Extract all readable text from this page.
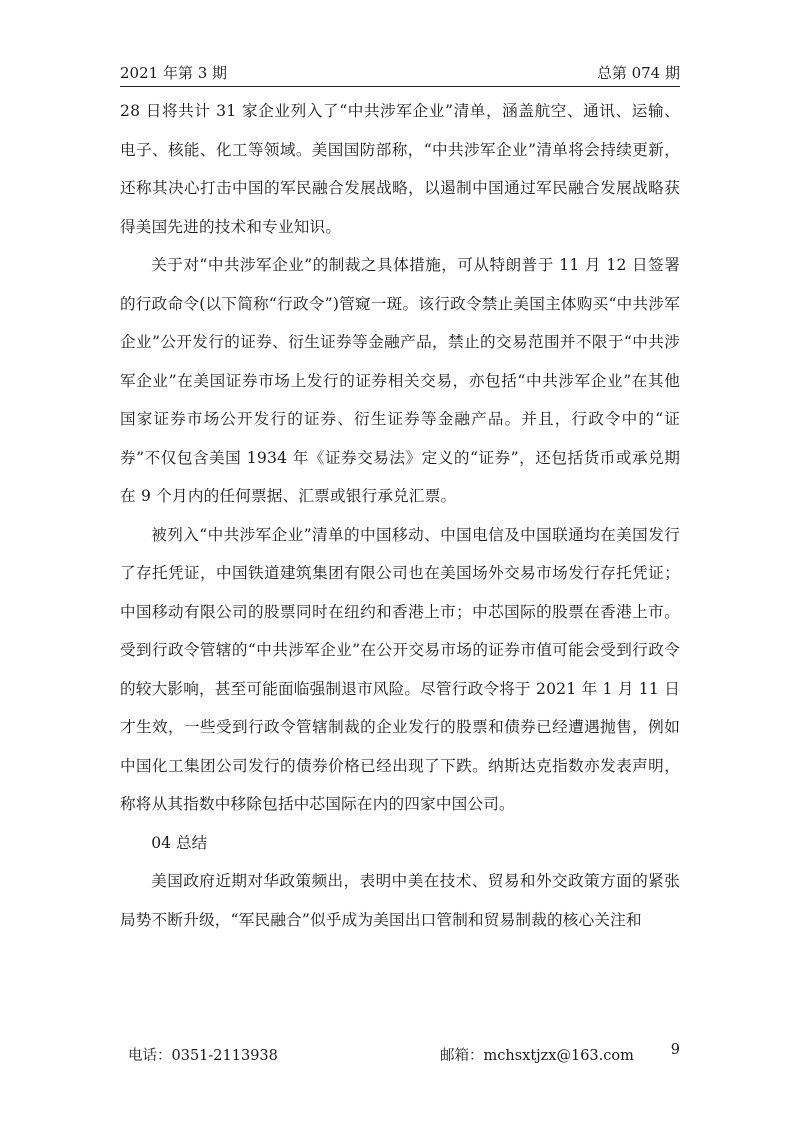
2021 年第 3 期	总第 074 期

28 日将共计 31 家企业列入了“中共涉军企业”清单，涵盖航空、通讯、运输、电子、核能、化工等领域。美国国防部称，“中共涉军企业”清单将会持续更新，还称其决心打击中国的军民融合发展战略，以遏制中国通过军民融合发展战略获得美国先进的技术和专业知识。

关于对“中共涉军企业”的制裁之具体措施，可从特朗普于 11 月 12 日签署的行政命令(以下简称“行政令”)管窥一斑。该行政令禁止美国主体购买“中共涉军企业”公开发行的证券、衍生证券等金融产品，禁止的交易范围并不限于“中共涉军企业”在美国证券市场上发行的证券相关交易，亦包括“中共涉军企业”在其他国家证券市场公开发行的证券、衍生证券等金融产品。并且，行政令中的“证券”不仅包含美国 1934 年《证券交易法》定义的“证券”，还包括货币或承兑期在 9 个月内的任何票据、汇票或银行承兑汇票。

被列入“中共涉军企业”清单的中国移动、中国电信及中国联通均在美国发行了存托凭证，中国铁道建筑集团有限公司也在美国场外交易市场发行存托凭证；中国移动有限公司的股票同时在纽约和香港上市；中芯国际的股票在香港上市。受到行政令管辖的“中共涉军企业”在公开交易市场的证券市值可能会受到行政令的较大影响，甚至可能面临强制退市风险。尽管行政令将于 2021 年 1 月 11 日才生效，一些受到行政令管辖制裁的企业发行的股票和债券已经遭遇抛售，例如中国化工集团公司发行的债券价格已经出现了下跌。纳斯达克指数亦发表声明，称将从其指数中移除包括中芯国际在内的四家中国公司。

04 总结

美国政府近期对华政策频出，表明中美在技术、贸易和外交政策方面的紧张局势不断升级，“军民融合”似乎成为美国出口管制和贸易制裁的核心关注和

电话：0351-2113938	邮箱：mchsxtjzx@163.com	9
